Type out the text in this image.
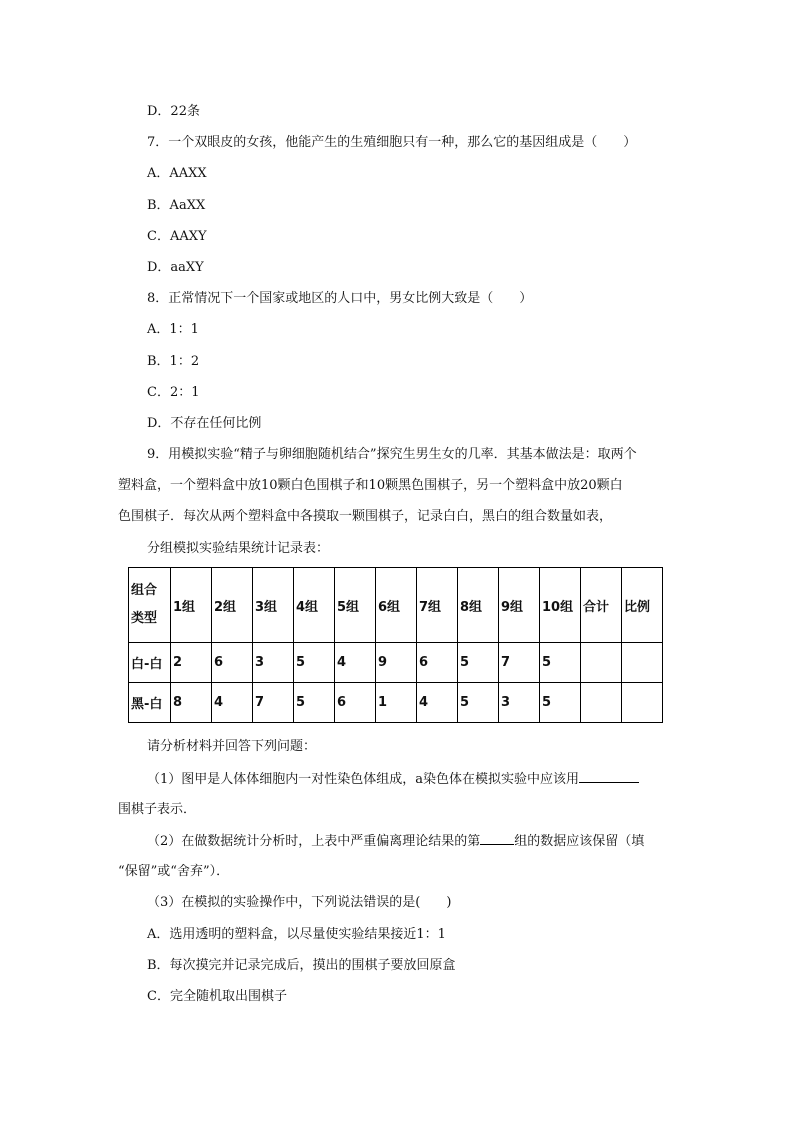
D．22条
7．一个双眼皮的女孩，他能产生的生殖细胞只有一种，那么它的基因组成是（　　）
A．AAXX
B．AaXX
C．AAXY
D．aaXY
8．正常情况下一个国家或地区的人口中，男女比例大致是（　　）
A．1：1
B．1：2
C．2：1
D．不存在任何比例
9．用模拟实验“精子与卵细胞随机结合”探究生男生女的几率．其基本做法是：取两个
塑料盒，一个塑料盒中放10颗白色围棋子和10颗黑色围棋子，另一个塑料盒中放20颗白
色围棋子．每次从两个塑料盒中各摸取一颗围棋子，记录白白，黑白的组合数量如表，
分组模拟实验结果统计记录表：
组合
类型	1组	2组	3组	4组	5组	6组	7组	8组	9组	10组	合计	比例
白-白	2	6	3	5	4	9	6	5	7	5		
黑-白	8	4	7	5	6	1	4	5	3	5		
请分析材料并回答下列问题：
（1）图甲是人体体细胞内一对性染色体组成，a染色体在模拟实验中应该用
围棋子表示．
（2）在做数据统计分析时，上表中严重偏离理论结果的第	组的数据应该保留（填
“保留”或“舍弃”）．
（3）在模拟的实验操作中，下列说法错误的是(　　)
A．选用透明的塑料盒，以尽量使实验结果接近1：1
B．每次摸完并记录完成后，摸出的围棋子要放回原盒
C．完全随机取出围棋子
